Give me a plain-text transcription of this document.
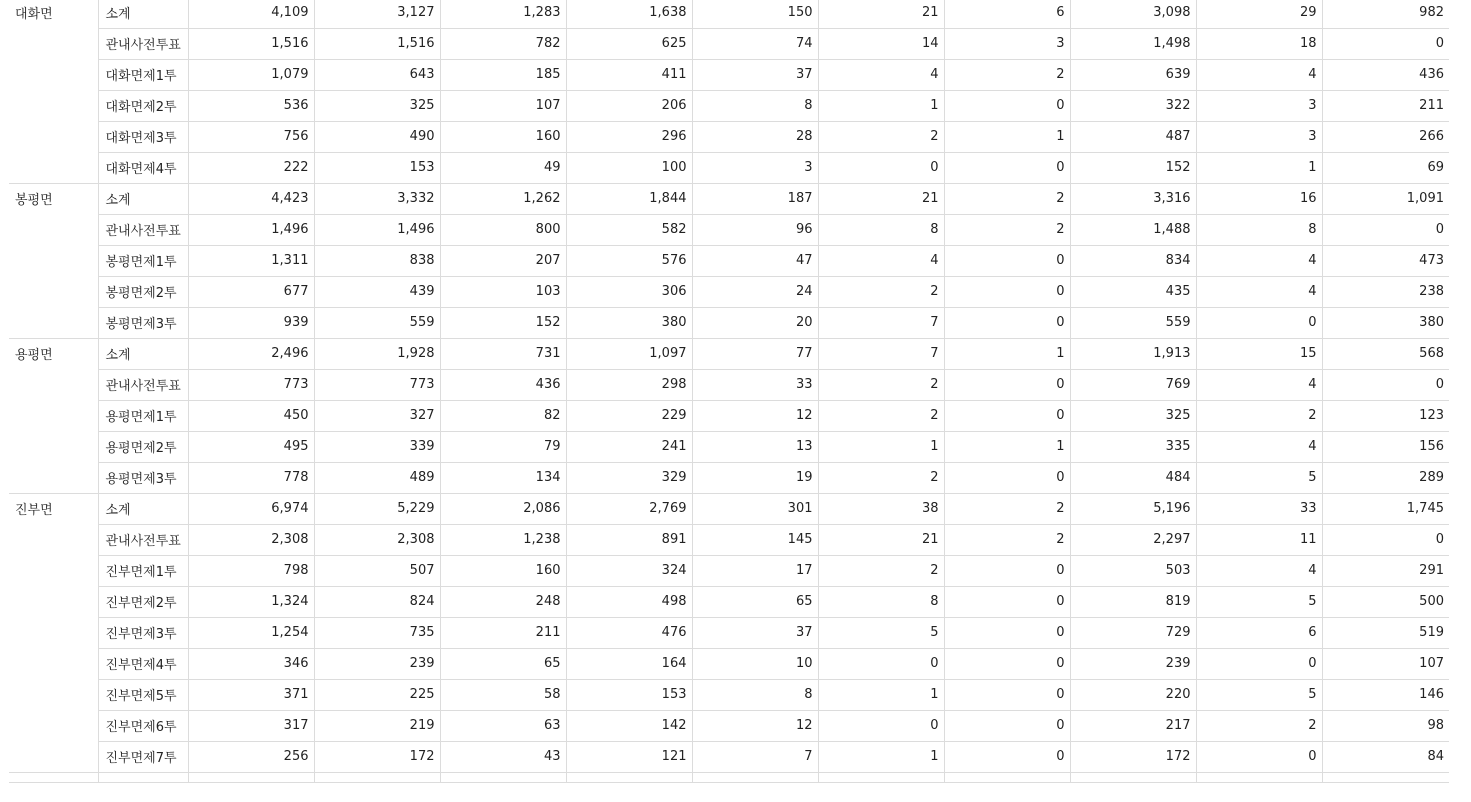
대화면	소계	4,109	3,127	1,283	1,638	150	21	6	3,098	29	982
	관내사전투표	1,516	1,516	782	625	74	14	3	1,498	18	0
	대화면제1투	1,079	643	185	411	37	4	2	639	4	436
	대화면제2투	536	325	107	206	8	1	0	322	3	211
	대화면제3투	756	490	160	296	28	2	1	487	3	266
	대화면제4투	222	153	49	100	3	0	0	152	1	69
봉평면	소계	4,423	3,332	1,262	1,844	187	21	2	3,316	16	1,091
	관내사전투표	1,496	1,496	800	582	96	8	2	1,488	8	0
	봉평면제1투	1,311	838	207	576	47	4	0	834	4	473
	봉평면제2투	677	439	103	306	24	2	0	435	4	238
	봉평면제3투	939	559	152	380	20	7	0	559	0	380
용평면	소계	2,496	1,928	731	1,097	77	7	1	1,913	15	568
	관내사전투표	773	773	436	298	33	2	0	769	4	0
	용평면제1투	450	327	82	229	12	2	0	325	2	123
	용평면제2투	495	339	79	241	13	1	1	335	4	156
	용평면제3투	778	489	134	329	19	2	0	484	5	289
진부면	소계	6,974	5,229	2,086	2,769	301	38	2	5,196	33	1,745
	관내사전투표	2,308	2,308	1,238	891	145	21	2	2,297	11	0
	진부면제1투	798	507	160	324	17	2	0	503	4	291
	진부면제2투	1,324	824	248	498	65	8	0	819	5	500
	진부면제3투	1,254	735	211	476	37	5	0	729	6	519
	진부면제4투	346	239	65	164	10	0	0	239	0	107
	진부면제5투	371	225	58	153	8	1	0	220	5	146
	진부면제6투	317	219	63	142	12	0	0	217	2	98
	진부면제7투	256	172	43	121	7	1	0	172	0	84
